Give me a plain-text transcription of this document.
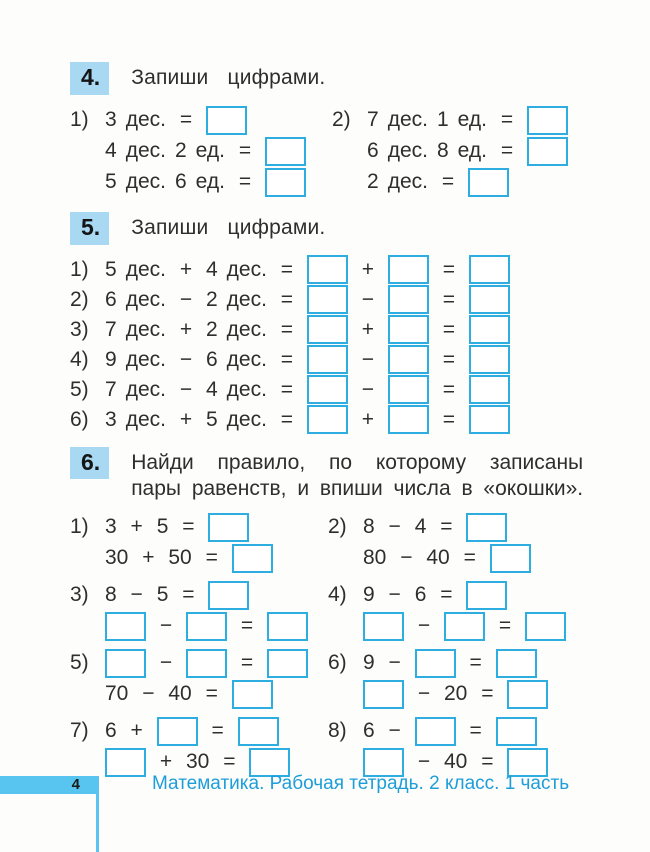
4.	Запиши цифрами.
1) 3 дес. =
4 дес. 2 ед. =
5 дес. 6 ед. =
2) 7 дес. 1 ед. =
6 дес. 8 ед. =
2 дес. =
5.	Запиши цифрами.
1) 5 дес. + 4 дес. =	+	=
2) 6 дес. − 2 дес. =	−	=
3) 7 дес. + 2 дес. =	+	=
4) 9 дес. − 6 дес. =	−	=
5) 7 дес. − 4 дес. =	−	=
6) 3 дес. + 5 дес. =	+	=
6.	Найди правило, по которому записаны
пары равенств, и впиши числа в «окошки».
1) 3 + 5 =
30 + 50 =
2) 8 − 4 =
80 − 40 =
3) 8 − 5 =
−	=
4) 9 − 6 =
−	=
5)	−	=
70 − 40 =
6) 9 −	=
− 20 =
7) 6 +	=
+ 30 =
8) 6 −	=
− 40 =
4	Математика. Рабочая тетрадь. 2 класс. 1 часть
